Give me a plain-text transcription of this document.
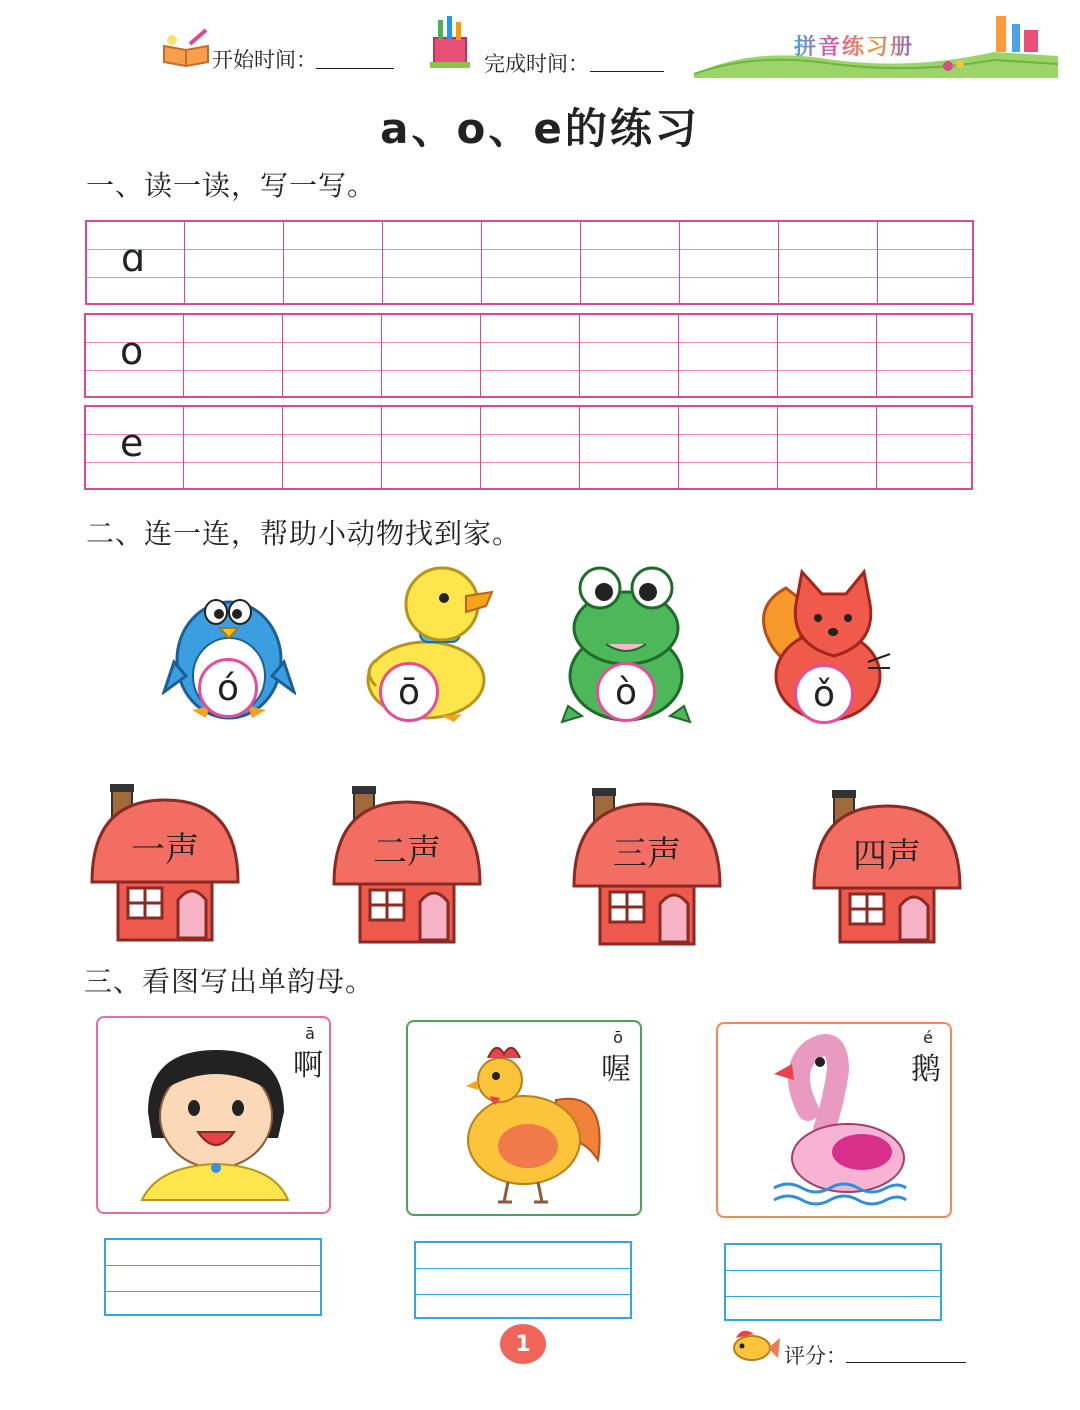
开始时间：	完成时间：
拼音练习册
a、o、e的练习
一、读一读，写一写。
ɑ
o
e
二、连一连，帮助小动物找到家。
ó	ō	ò	ǒ
一声	二声	三声	四声
三、看图写出单韵母。
ā
啊
ō
喔
é
鹅
1	评分：
